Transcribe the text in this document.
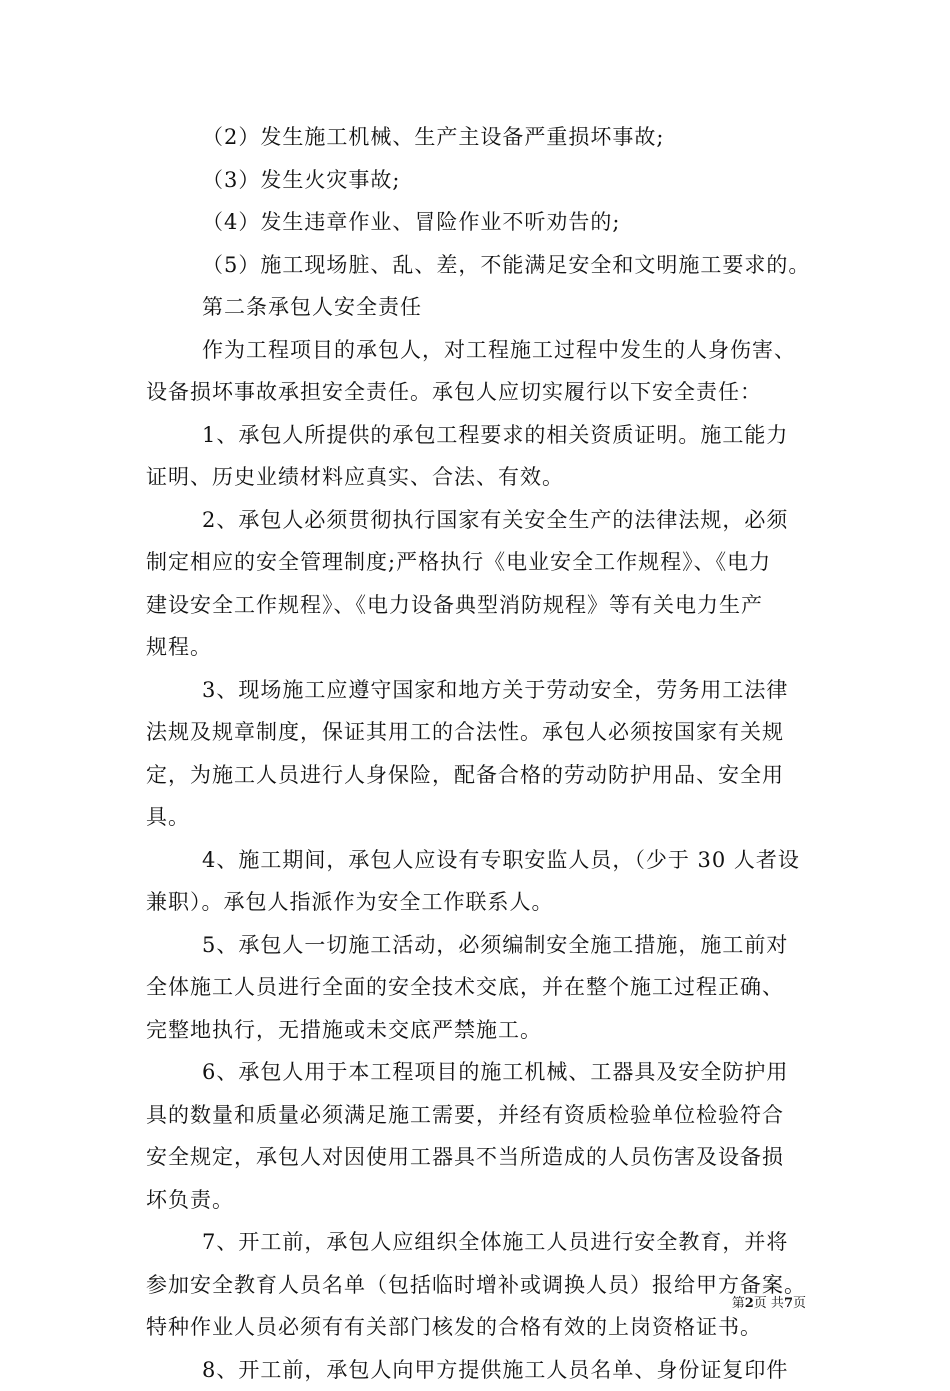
（2）发生施工机械、生产主设备严重损坏事故;
（3）发生火灾事故;
（4）发生违章作业、冒险作业不听劝告的;
（5）施工现场脏、乱、差，不能满足安全和文明施工要求的。
第二条承包人安全责任
作为工程项目的承包人，对工程施工过程中发生的人身伤害、
设备损坏事故承担安全责任。承包人应切实履行以下安全责任：
1、承包人所提供的承包工程要求的相关资质证明。施工能力
证明、历史业绩材料应真实、合法、有效。
2、承包人必须贯彻执行国家有关安全生产的法律法规，必须
制定相应的安全管理制度;严格执行《电业安全工作规程》、《电力
建设安全工作规程》、《电力设备典型消防规程》等有关电力生产
规程。
3、现场施工应遵守国家和地方关于劳动安全，劳务用工法律
法规及规章制度，保证其用工的合法性。承包人必须按国家有关规
定，为施工人员进行人身保险，配备合格的劳动防护用品、安全用
具。
4、施工期间，承包人应设有专职安监人员，（少于 30 人者设
兼职）。承包人指派作为安全工作联系人。
5、承包人一切施工活动，必须编制安全施工措施，施工前对
全体施工人员进行全面的安全技术交底，并在整个施工过程正确、
完整地执行，无措施或未交底严禁施工。
6、承包人用于本工程项目的施工机械、工器具及安全防护用
具的数量和质量必须满足施工需要，并经有资质检验单位检验符合
安全规定，承包人对因使用工器具不当所造成的人员伤害及设备损
坏负责。
7、开工前，承包人应组织全体施工人员进行安全教育，并将
参加安全教育人员名单（包括临时增补或调换人员）报给甲方备案。
特种作业人员必须有有关部门核发的合格有效的上岗资格证书。
8、开工前，承包人向甲方提供施工人员名单、身份证复印件
第2页 共7页
